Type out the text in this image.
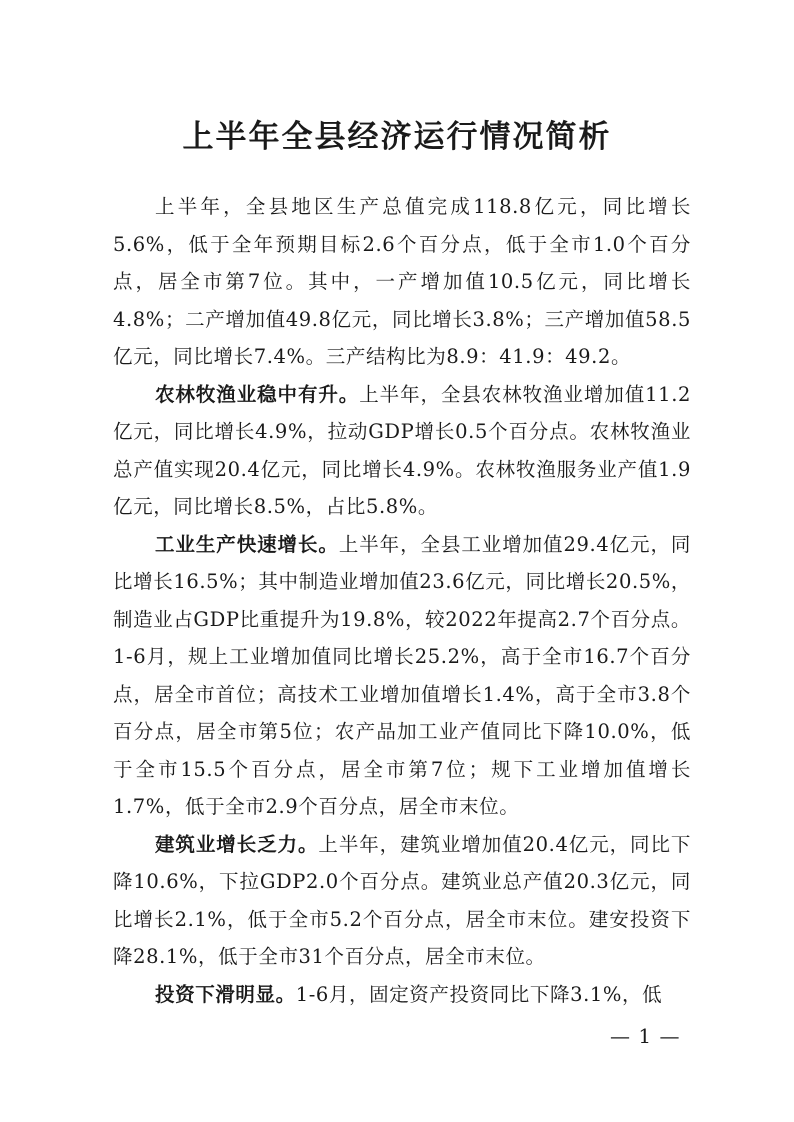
上半年全县经济运行情况简析

上半年，全县地区生产总值完成118.8亿元，同比增长5.6%，低于全年预期目标2.6个百分点，低于全市1.0个百分点，居全市第7位。其中，一产增加值10.5亿元，同比增长4.8%；二产增加值49.8亿元，同比增长3.8%；三产增加值58.5亿元，同比增长7.4%。三产结构比为8.9：41.9：49.2。

农林牧渔业稳中有升。上半年，全县农林牧渔业增加值11.2亿元，同比增长4.9%，拉动GDP增长0.5个百分点。农林牧渔业总产值实现20.4亿元，同比增长4.9%。农林牧渔服务业产值1.9亿元，同比增长8.5%，占比5.8%。

工业生产快速增长。上半年，全县工业增加值29.4亿元，同比增长16.5%；其中制造业增加值23.6亿元，同比增长20.5%，制造业占GDP比重提升为19.8%，较2022年提高2.7个百分点。1-6月，规上工业增加值同比增长25.2%，高于全市16.7个百分点，居全市首位；高技术工业增加值增长1.4%，高于全市3.8个百分点，居全市第5位；农产品加工业产值同比下降10.0%，低于全市15.5个百分点，居全市第7位；规下工业增加值增长1.7%，低于全市2.9个百分点，居全市末位。

建筑业增长乏力。上半年，建筑业增加值20.4亿元，同比下降10.6%，下拉GDP2.0个百分点。建筑业总产值20.3亿元，同比增长2.1%，低于全市5.2个百分点，居全市末位。建安投资下降28.1%，低于全市31个百分点，居全市末位。

投资下滑明显。1-6月，固定资产投资同比下降3.1%，低

— 1 —
